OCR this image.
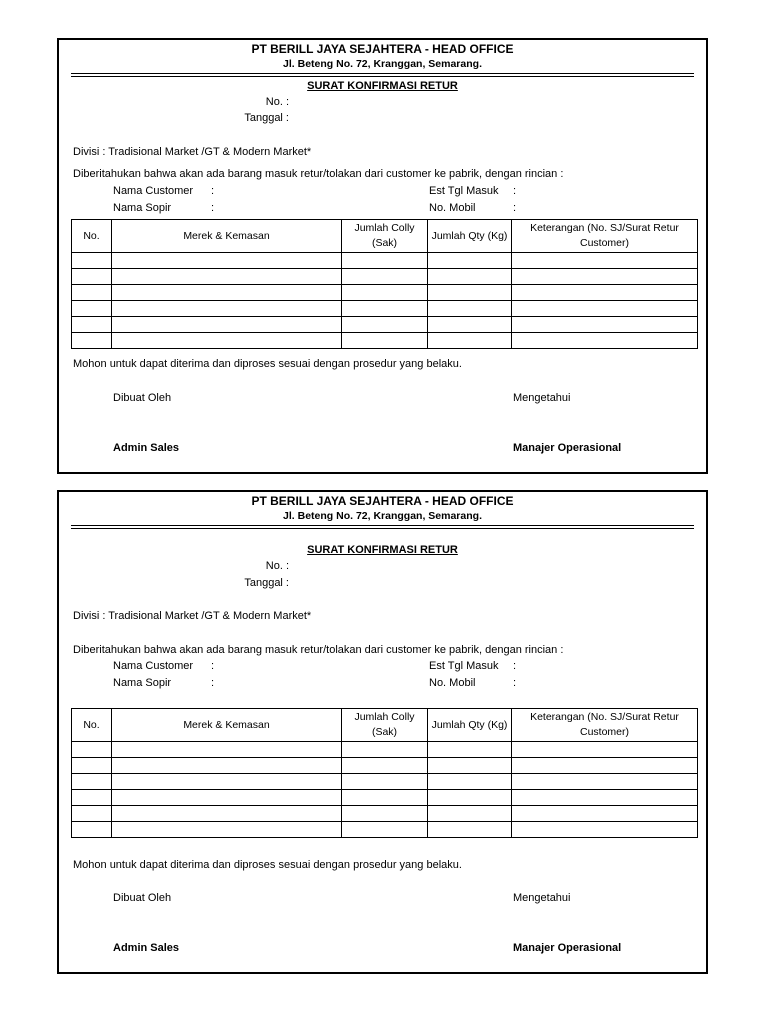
PT BERILL JAYA SEJAHTERA - HEAD OFFICE
Jl. Beteng No. 72, Kranggan, Semarang.
SURAT KONFIRMASI RETUR
No. :
Tanggal :
Divisi : Tradisional Market /GT & Modern Market*
Diberitahukan bahwa akan ada barang masuk retur/tolakan dari customer ke pabrik, dengan rincian :
Nama Customer :
Nama Sopir	:
Est Tgl Masuk :
No. Mobil	:
No.	Merek & Kemasan	Jumlah Colly (Sak)	Jumlah Qty (Kg)	Keterangan (No. SJ/Surat Retur Customer)

Mohon untuk dapat diterima dan diproses sesuai dengan prosedur yang belaku.
Dibuat Oleh	Mengetahui
Admin Sales	Manajer Operasional
PT BERILL JAYA SEJAHTERA - HEAD OFFICE
Jl. Beteng No. 72, Kranggan, Semarang.
SURAT KONFIRMASI RETUR
No. :
Tanggal :
Divisi : Tradisional Market /GT & Modern Market*
Diberitahukan bahwa akan ada barang masuk retur/tolakan dari customer ke pabrik, dengan rincian :
Nama Customer :
Nama Sopir	:
Est Tgl Masuk :
No. Mobil	:
No.	Merek & Kemasan	Jumlah Colly (Sak)	Jumlah Qty (Kg)	Keterangan (No. SJ/Surat Retur Customer)

Mohon untuk dapat diterima dan diproses sesuai dengan prosedur yang belaku.
Dibuat Oleh	Mengetahui
Admin Sales	Manajer Operasional
